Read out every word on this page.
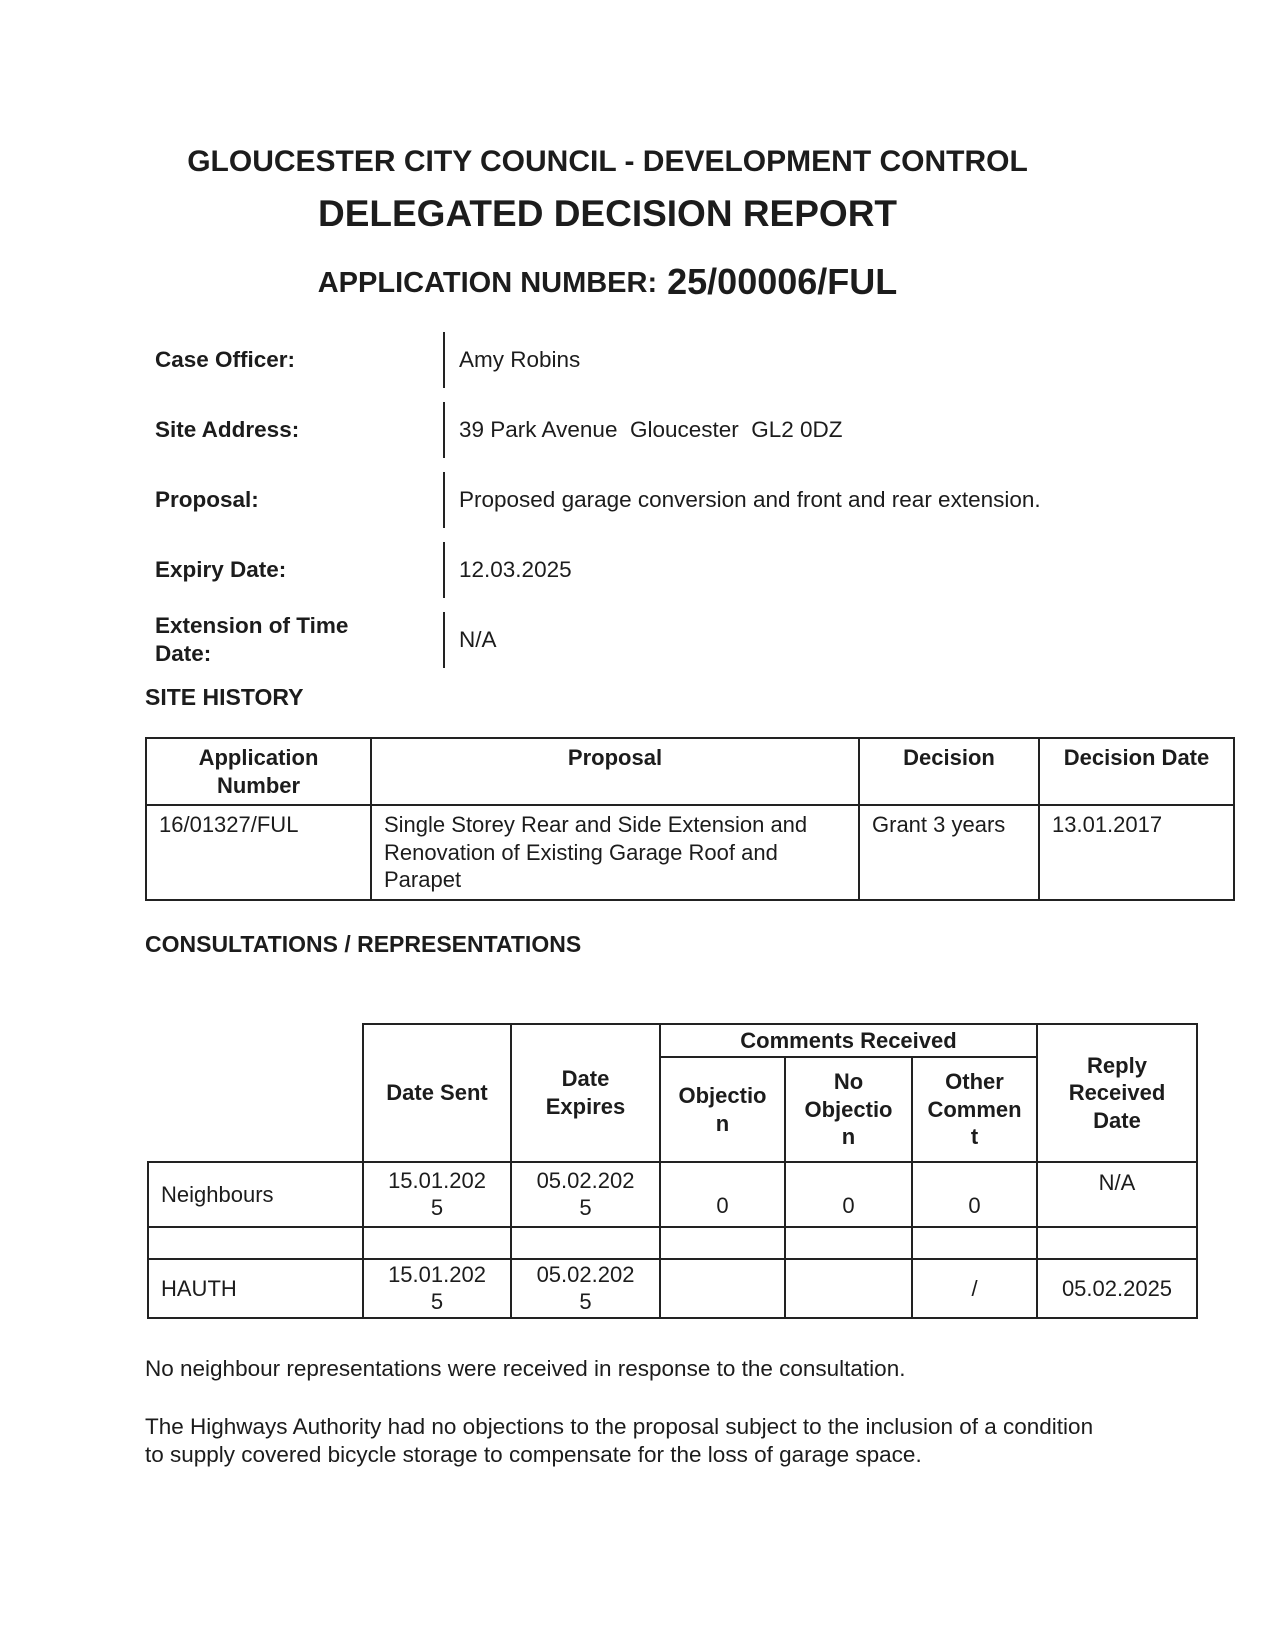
GLOUCESTER CITY COUNCIL - DEVELOPMENT CONTROL
DELEGATED DECISION REPORT
APPLICATION NUMBER: 25/00006/FUL
Case Officer:	Amy Robins
Site Address:	39 Park Avenue  Gloucester  GL2 0DZ
Proposal:	Proposed garage conversion and front and rear extension.
Expiry Date:	12.03.2025
Extension of Time Date:
N/A
SITE HISTORY
Application Number	Proposal	Decision	Decision Date
16/01327/FUL	Single Storey Rear and Side Extension and Renovation of Existing Garage Roof and Parapet	Grant 3 years	13.01.2017
CONSULTATIONS / REPRESENTATIONS
	Date Sent	Date Expires	Comments Received			Reply Received Date
			Objection	No Objection	Other Comment	
Neighbours	15.01.2025	05.02.2025	0	0	0	N/A

HAUTH	15.01.2025	05.02.2025			/	05.02.2025

No neighbour representations were received in response to the consultation.

The Highways Authority had no objections to the proposal subject to the inclusion of a condition to supply covered bicycle storage to compensate for the loss of garage space.
